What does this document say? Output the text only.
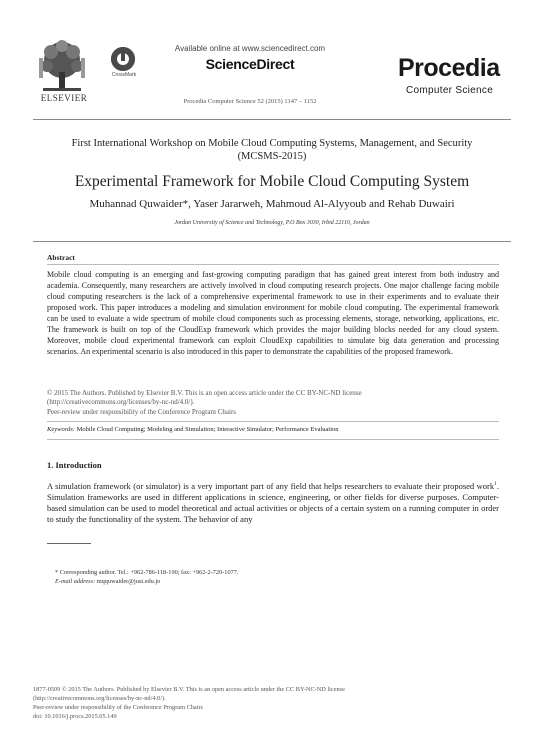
ELSEVIER
CrossMark
Available online at www.sciencedirect.com
ScienceDirect
Procedia Computer Science 52 (2015) 1147 – 1152
Procedia
Computer Science
First International Workshop on Mobile Cloud Computing Systems, Management, and Security
(MCSMS-2015)
Experimental Framework for Mobile Cloud Computing System
Muhannad Quwaider*, Yaser Jararweh, Mahmoud Al-Alyyoub and Rehab Duwairi
Jordan University of Science and Technology, P.O Box 3030, Irbid 22110, Jordan
Abstract
Mobile cloud computing is an emerging and fast-growing computing paradigm that has gained great interest from both industry and academia. Consequently, many researchers are actively involved in cloud computing research projects. One major challenge facing mobile cloud computing researchers is the lack of a comprehensive experimental framework to use in their experiments and to evaluate their proposed work. This paper introduces a modeling and simulation environment for mobile cloud computing. The experimental framework can be used to evaluate a wide spectrum of mobile cloud components such as processing elements, storage, networking, applications, etc. The framework is built on top of the CloudExp framework which provides the major building blocks needed for any cloud system. Moreover, mobile cloud experimental framework can exploit CloudExp capabilities to simulate big data generation and processing scenarios. An experimental scenario is also introduced in this paper to demonstrate the capabilities of the proposed framework.
© 2015 The Authors. Published by Elsevier B.V. This is an open access article under the CC BY-NC-ND license
(http://creativecommons.org/licenses/by-nc-nd/4.0/).
Peer-review under responsibility of the Conference Program Chairs
Keywords: Mobile Cloud Computing; Modeling and Simulation; Interactive Simulator; Performance Evaluation
1. Introduction
A simulation framework (or simulator) is a very important part of any field that helps researchers to evaluate their proposed work$^1$. Simulation frameworks are used in different applications in science, engineering, or other fields for diverse purposes. Computer-based simulation can be used to model theoretical and actual activities or objects of a certain system on a running computer in order to study the functionality of the system. The behavior of any
* Corresponding author. Tel.: +962-786-118-190; fax: +962-2-720-1077.
E-mail address: mqquwaider@just.edu.jo
1877-0509 © 2015 The Authors. Published by Elsevier B.V. This is an open access article under the CC BY-NC-ND license
(http://creativecommons.org/licenses/by-nc-nd/4.0/).
Peer-review under responsibility of the Conference Program Chairs
doi: 10.1016/j.procs.2015.05.149
